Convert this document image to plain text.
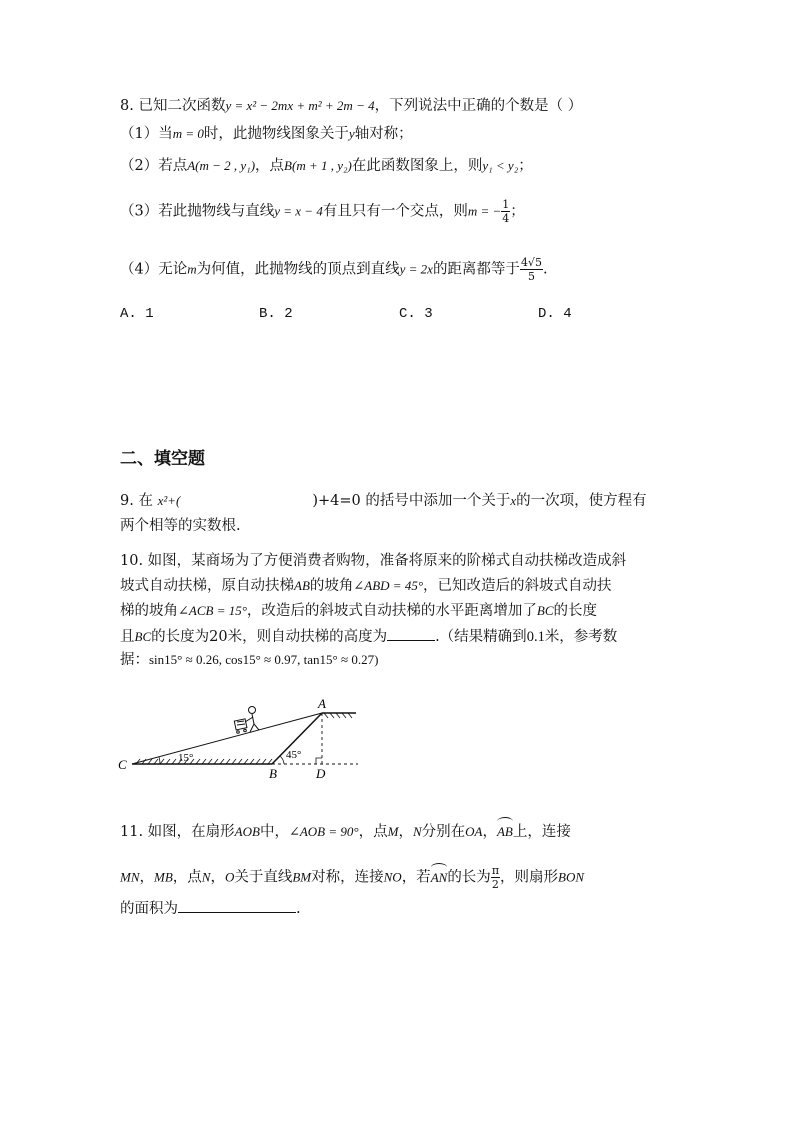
8. 已知二次函数y = x² − 2mx + m² + 2m − 4，下列说法中正确的个数是（ ）
（1）当m = 0时，此抛物线图象关于y轴对称；
（2）若点A(m − 2 , y₁)，点B(m + 1 , y₂)在此函数图象上，则y₁ < y₂；
（3）若此抛物线与直线y = x − 4有且只有一个交点，则m = − $\frac{1}{4}$ ；
（4）无论m为何值，此抛物线的顶点到直线y = 2x的距离都等于 $\frac{4√5}{5}$ .
A. 1	B. 2	C. 3	D. 4
二、填空题
9. 在 x²+(	)+4=0 的括号中添加一个关于x的一次项，使方程有
两个相等的实数根.
10. 如图，某商场为了方便消费者购物，准备将原来的阶梯式自动扶梯改造成斜
坡式自动扶梯，原自动扶梯AB的坡角∠ABD = 45°，已知改造后的斜坡式自动扶
梯的坡角∠ACB = 15°，改造后的斜坡式自动扶梯的水平距离增加了BC的长度
且BC的长度为20米，则自动扶梯的高度为	.（结果精确到0.1米，参考数
据：sin15° ≈ 0.26, cos15° ≈ 0.97, tan15° ≈ 0.27)
A
B
C
D
15°	45°
11. 如图，在扇形AOB中，∠AOB = 90°，点M，N分别在OA，AB上，连接
MN，MB，点N，O关于直线BM对称，连接NO，若AN的长为 $\frac{\pi}{2}$ ，则扇形BON
的面积为	.
